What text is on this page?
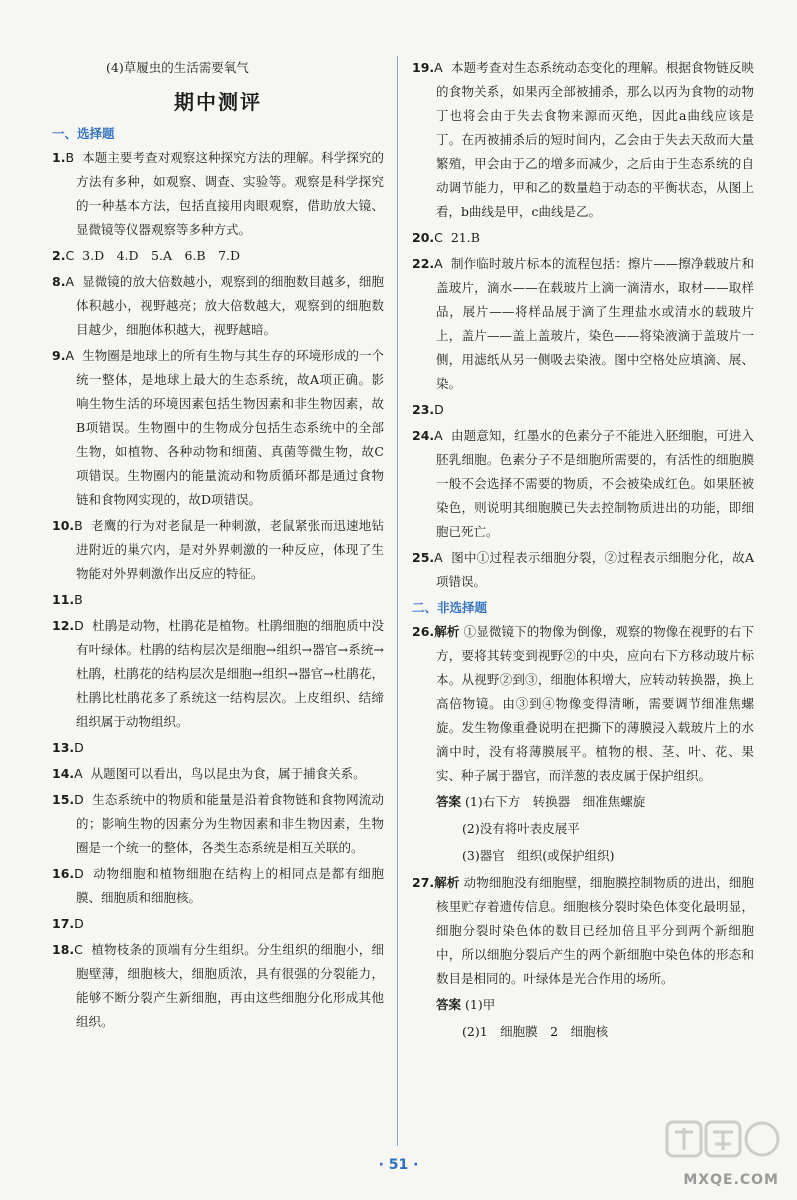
(4)草履虫的生活需要氧气
期中测评
一、选择题
1.B 本题主要考查对观察这种探究方法的理解。科学探究的方法有多种，如观察、调查、实验等。观察是科学探究的一种基本方法，包括直接用肉眼观察，借助放大镜、显微镜等仪器观察等多种方式。
2.C 3.D　4.D　5.A　6.B　7.D
8.A 显微镜的放大倍数越小，观察到的细胞数目越多，细胞体积越小，视野越亮；放大倍数越大，观察到的细胞数目越少，细胞体积越大，视野越暗。
9.A 生物圈是地球上的所有生物与其生存的环境形成的一个统一整体，是地球上最大的生态系统，故A项正确。影响生物生活的环境因素包括生物因素和非生物因素，故B项错误。生物圈中的生物成分包括生态系统中的全部生物，如植物、各种动物和细菌、真菌等微生物，故C项错误。生物圈内的能量流动和物质循环都是通过食物链和食物网实现的，故D项错误。
10.B 老鹰的行为对老鼠是一种刺激，老鼠紧张而迅速地钻进附近的巢穴内，是对外界刺激的一种反应，体现了生物能对外界刺激作出反应的特征。
11.B
12.D 杜鹃是动物，杜鹃花是植物。杜鹃细胞的细胞质中没有叶绿体。杜鹃的结构层次是细胞→组织→器官→系统→杜鹃，杜鹃花的结构层次是细胞→组织→器官→杜鹃花，杜鹃比杜鹃花多了系统这一结构层次。上皮组织、结缔组织属于动物组织。
13.D
14.A 从题图可以看出，鸟以昆虫为食，属于捕食关系。
15.D 生态系统中的物质和能量是沿着食物链和食物网流动的；影响生物的因素分为生物因素和非生物因素，生物圈是一个统一的整体，各类生态系统是相互关联的。
16.D 动物细胞和植物细胞在结构上的相同点是都有细胞膜、细胞质和细胞核。
17.D
18.C 植物枝条的顶端有分生组织。分生组织的细胞小，细胞壁薄，细胞核大，细胞质浓，具有很强的分裂能力，能够不断分裂产生新细胞，再由这些细胞分化形成其他组织。
19.A 本题考查对生态系统动态变化的理解。根据食物链反映的食物关系，如果丙全部被捕杀，那么以丙为食物的动物丁也将会由于失去食物来源而灭绝，因此a曲线应该是丁。在丙被捕杀后的短时间内，乙会由于失去天敌而大量繁殖，甲会由于乙的增多而减少，之后由于生态系统的自动调节能力，甲和乙的数量趋于动态的平衡状态，从图上看，b曲线是甲，c曲线是乙。
20.C 21.B
22.A 制作临时玻片标本的流程包括：擦片——擦净载玻片和盖玻片，滴水——在载玻片上滴一滴清水，取材——取样品，展片——将样品展于滴了生理盐水或清水的载玻片上，盖片——盖上盖玻片，染色——将染液滴于盖玻片一侧，用滤纸从另一侧吸去染液。图中空格处应填滴、展、染。
23.D
24.A 由题意知，红墨水的色素分子不能进入胚细胞，可进入胚乳细胞。色素分子不是细胞所需要的，有活性的细胞膜一般不会选择不需要的物质，不会被染成红色。如果胚被染色，则说明其细胞膜已失去控制物质进出的功能，即细胞已死亡。
25.A 图中①过程表示细胞分裂，②过程表示细胞分化，故A项错误。
二、非选择题
26.解析 ①显微镜下的物像为倒像，观察的物像在视野的右下方，要将其转变到视野②的中央，应向右下方移动玻片标本。从视野②到③，细胞体积增大，应转动转换器，换上高倍物镜。由③到④物像变得清晰，需要调节细准焦螺旋。发生物像重叠说明在把撕下的薄膜浸入载玻片上的水滴中时，没有将薄膜展平。植物的根、茎、叶、花、果实、种子属于器官，而洋葱的表皮属于保护组织。
答案 (1)右下方　转换器　细准焦螺旋
(2)没有将叶表皮展平
(3)器官　组织(或保护组织)
27.解析 动物细胞没有细胞壁，细胞膜控制物质的进出，细胞核里贮存着遗传信息。细胞核分裂时染色体变化最明显，细胞分裂时染色体的数目已经加倍且平分到两个新细胞中，所以细胞分裂后产生的两个新细胞中染色体的形态和数目是相同的。叶绿体是光合作用的场所。
答案 (1)甲
(2)1　细胞膜　2　细胞核
· 51 ·
MXQE.COM
